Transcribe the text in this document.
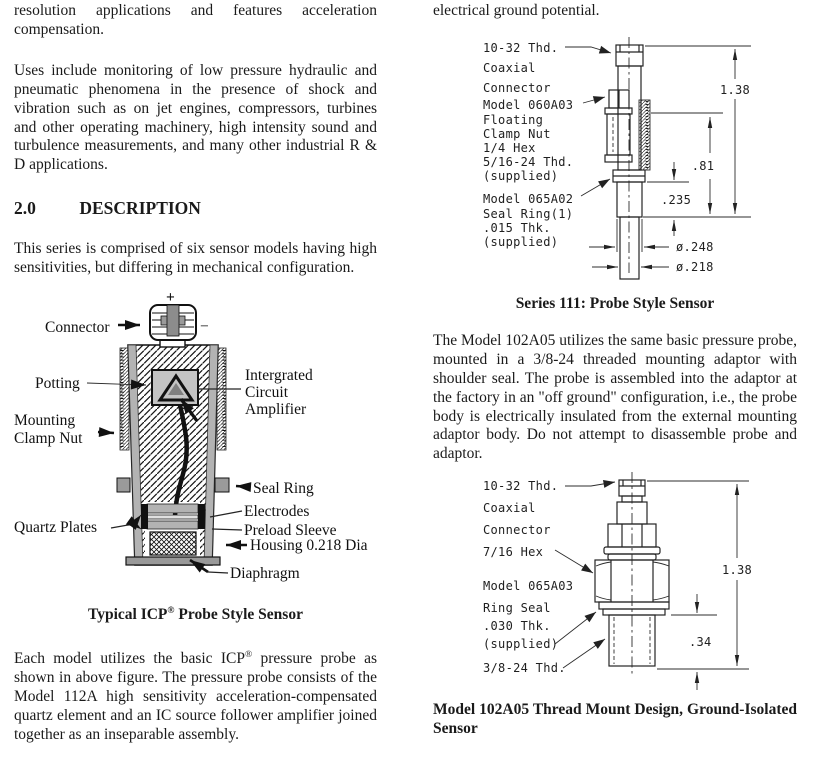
resolution applications and features acceleration compensation.

Uses include monitoring of low pressure hydraulic and pneumatic phenomena in the presence of shock and vibration such as on jet engines, compressors, turbines and other operating machinery, high intensity sound and turbulence measurements, and many other industrial R & D applications.

2.0 DESCRIPTION

This series is comprised of six sensor models having high sensitivities, but differing in mechanical configuration.

+
−
Connector
Potting	Intergrated
Circuit
Amplifier
Mounting
Clamp Nut
Seal Ring
Electrodes
Quartz Plates	Preload Sleeve
Housing 0.218 Dia
Diaphragm
Typical ICP® Probe Style Sensor

Each model utilizes the basic ICP® pressure probe as shown in above figure. The pressure probe consists of the Model 112A high sensitivity acceleration-compensated quartz element and an IC source follower amplifier joined together as an inseparable assembly.

electrical ground potential.

1.38
.81
.235
ø.248
ø.218
10-32 Thd.
Coaxial
Connector
Model 060A03
Floating
Clamp Nut
1/4 Hex
5/16-24 Thd.
(supplied)
Model 065A02
Seal Ring(1)
.015 Thk.
(supplied)
Series 111: Probe Style Sensor

The Model 102A05 utilizes the same basic pressure probe, mounted in a 3/8-24 threaded mounting adaptor with shoulder seal. The probe is assembled into the adaptor at the factory in an "off ground" configuration, i.e., the probe body is electrically insulated from the external mounting adaptor body. Do not attempt to disassemble probe and adaptor.

1.38
.34
10-32 Thd.
Coaxial
Connector
7/16 Hex
Model 065A03
Ring Seal
.030 Thk.
(supplied)
3/8-24 Thd.
Model 102A05 Thread Mount Design, Ground-Isolated Sensor
